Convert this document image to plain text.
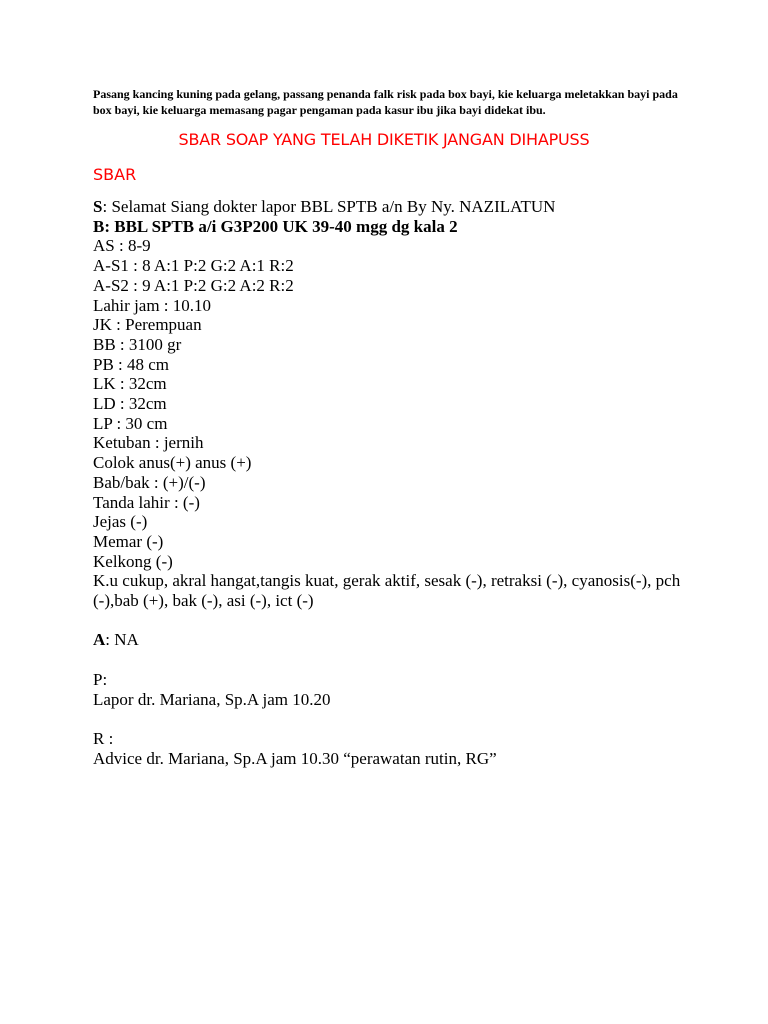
Pasang kancing kuning pada gelang, passang penanda falk risk pada box bayi, kie keluarga meletakkan bayi pada box bayi, kie keluarga memasang pagar pengaman pada kasur ibu jika bayi didekat ibu.
SBAR SOAP YANG TELAH DIKETIK JANGAN DIHAPUSS
SBAR
S: Selamat Siang dokter lapor BBL SPTB a/n By Ny. NAZILATUN
B: BBL SPTB a/i G3P200 UK 39-40 mgg dg kala 2
AS : 8-9
A-S1 : 8 A:1 P:2 G:2 A:1 R:2
A-S2 : 9 A:1 P:2 G:2 A:2 R:2
Lahir jam : 10.10
JK : Perempuan
BB : 3100 gr
PB : 48 cm
LK : 32cm
LD : 32cm
LP : 30 cm
Ketuban : jernih
Colok anus(+) anus (+)
Bab/bak : (+)/(-)
Tanda lahir : (-)
Jejas (-)
Memar (-)
Kelkong (-)
K.u cukup, akral hangat,tangis kuat, gerak aktif, sesak (-), retraksi (-), cyanosis(-), pch (-),bab (+), bak (-), asi (-), ict (-)
A: NA
P:
Lapor dr. Mariana, Sp.A jam 10.20
R :
Advice dr. Mariana, Sp.A jam 10.30 “perawatan rutin, RG”
